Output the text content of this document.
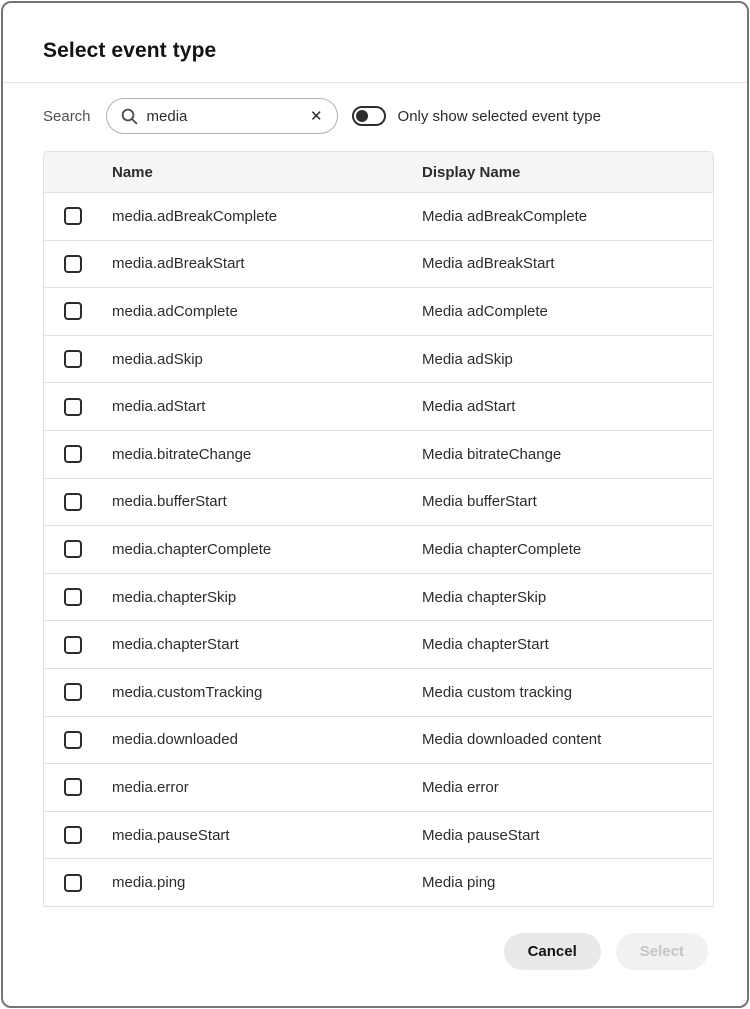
Select event type
Search
media	✕	Only show selected event type
Name	Display Name
media.adBreakComplete	Media adBreakComplete
media.adBreakStart	Media adBreakStart
media.adComplete	Media adComplete
media.adSkip	Media adSkip
media.adStart	Media adStart
media.bitrateChange	Media bitrateChange
media.bufferStart	Media bufferStart
media.chapterComplete	Media chapterComplete
media.chapterSkip	Media chapterSkip
media.chapterStart	Media chapterStart
media.customTracking	Media custom tracking
media.downloaded	Media downloaded content
media.error	Media error
media.pauseStart	Media pauseStart
media.ping	Media ping
Cancel	Select
